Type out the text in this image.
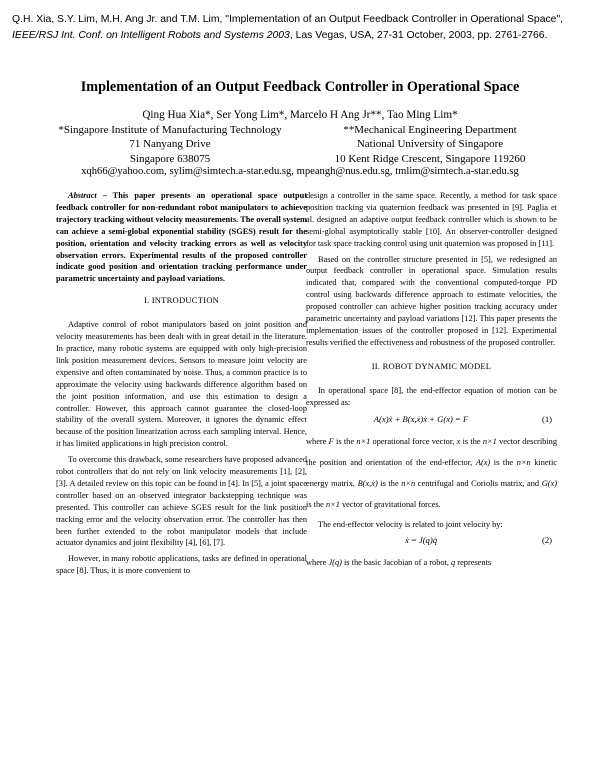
Q.H. Xia, S.Y. Lim, M.H. Ang Jr. and T.M. Lim, "Implementation of an Output Feedback Controller in Operational Space", IEEE/RSJ Int. Conf. on Intelligent Robots and Systems 2003, Las Vegas, USA, 27-31 October, 2003, pp. 2761-2766.
Implementation of an Output Feedback Controller in Operational Space
Qing Hua Xia*, Ser Yong Lim*, Marcelo H Ang Jr**, Tao Ming Lim*
*Singapore Institute of Manufacturing Technology
71 Nanyang Drive
Singapore 638075
**Mechanical Engineering Department
National University of Singapore
10 Kent Ridge Crescent, Singapore 119260
xqh66@yahoo.com, sylim@simtech.a-star.edu.sg, mpeangh@nus.edu.sg, tmlim@simtech.a-star.edu.sg

Abstract – This paper presents an operational space output feedback controller for non-redundant robot manipulators to achieve trajectory tracking without velocity measurements. The overall system can achieve a semi-global exponential stability (SGES) result for the position, orientation and velocity tracking errors as well as velocity observation errors. Experimental results of the proposed controller indicate good position and orientation tracking performance under parametric uncertainty and payload variations.

I. INTRODUCTION

Adaptive control of robot manipulators based on joint position and velocity measurements has been dealt with in great detail in the literature. In practice, many robotic systems are equipped with only high-precision link position measurement devices. Sensors to measure joint velocity are expensive and often contaminated by noise. Thus, a common practice is to approximate the velocity using backwards difference algorithm based on the joint position information, and use this estimation to design a controller. However, this approach cannot guarantee the closed-loop stability of the overall system. Moreover, it ignores the dynamic effect because of the position linearization across each sampling interval. Hence, it has limited applications in high precision control.

To overcome this drawback, some researchers have proposed advanced robot controllers that do not rely on link velocity measurements [1], [2], [3]. A detailed review on this topic can be found in [4]. In [5], a joint space controller based on an observed integrator backstepping technique was presented. This controller can achieve SGES result for the link position tracking error and the velocity observation error. The controller has then been further extended to the robot manipulator models that include actuator dynamics and joint flexibility [4], [6], [7].

However, in many robotic applications, tasks are defined in operational space [8]. Thus, it is more convenient to

design a controller in the same space. Recently, a method for task space position tracking via quaternion feedback was presented in [9]. Paglia et al. designed an adaptive output feedback controller which is shown to be semi-global asymptotically stable [10]. An observer-controller designed for task space tracking control using unit quaternion was proposed in [11].

Based on the controller structure presented in [5], we redesigned an output feedback controller in operational space. Simulation results indicated that, compared with the conventional computed-torque PD control using backwards difference approach to estimate velocities, the proposed controller can achieve higher position tracking accuracy under parametric uncertainty and payload variations [12]. This paper presents the implementation issues of the controller proposed in [12]. Experimental results verified the effectiveness and robustness of the proposed controller.

II. ROBOT DYNAMIC MODEL

In operational space [8], the end-effector equation of motion can be expressed as:

A(x)ẍ + B(x,ẋ)ẋ + G(x) = F	(1)

where F is the n×1 operational force vector, x is the n×1 vector describing the position and orientation of the end-effector, A(x) is the n×n kinetic energy matrix, B(x,ẋ) is the n×n centrifugal and Coriolis matrix, and G(x) is the n×1 vector of gravitational forces.

The end-effector velocity is related to joint velocity by:

ẋ = J(q)q̇	(2)

where J(q) is the basic Jacobian of a robot, q represents
